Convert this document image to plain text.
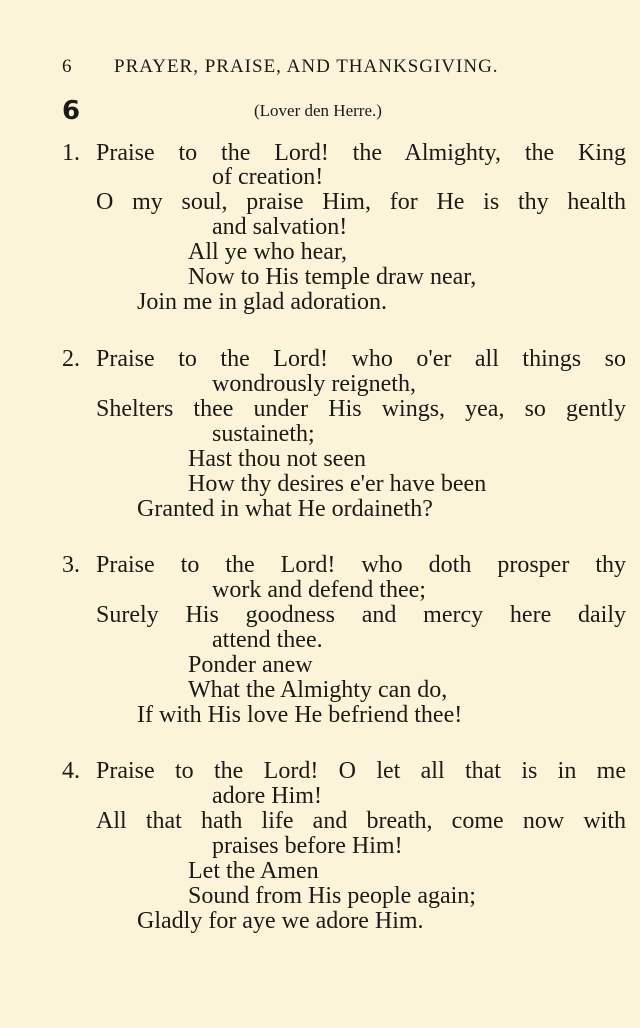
6 PRAYER, PRAISE, AND THANKSGIVING.
6	(Lover den Herre.)
1. Praise to the Lord! the Almighty, the King
of creation!
O my soul, praise Him, for He is thy health
and salvation!
All ye who hear,
Now to His temple draw near,
Join me in glad adoration.
2. Praise to the Lord! who o'er all things so
wondrously reigneth,
Shelters thee under His wings, yea, so gently
sustaineth;
Hast thou not seen
How thy desires e'er have been
Granted in what He ordaineth?
3. Praise to the Lord! who doth prosper thy
work and defend thee;
Surely His goodness and mercy here daily
attend thee.
Ponder anew
What the Almighty can do,
If with His love He befriend thee!
4. Praise to the Lord! O let all that is in me
adore Him!
All that hath life and breath, come now with
praises before Him!
Let the Amen
Sound from His people again;
Gladly for aye we adore Him.
